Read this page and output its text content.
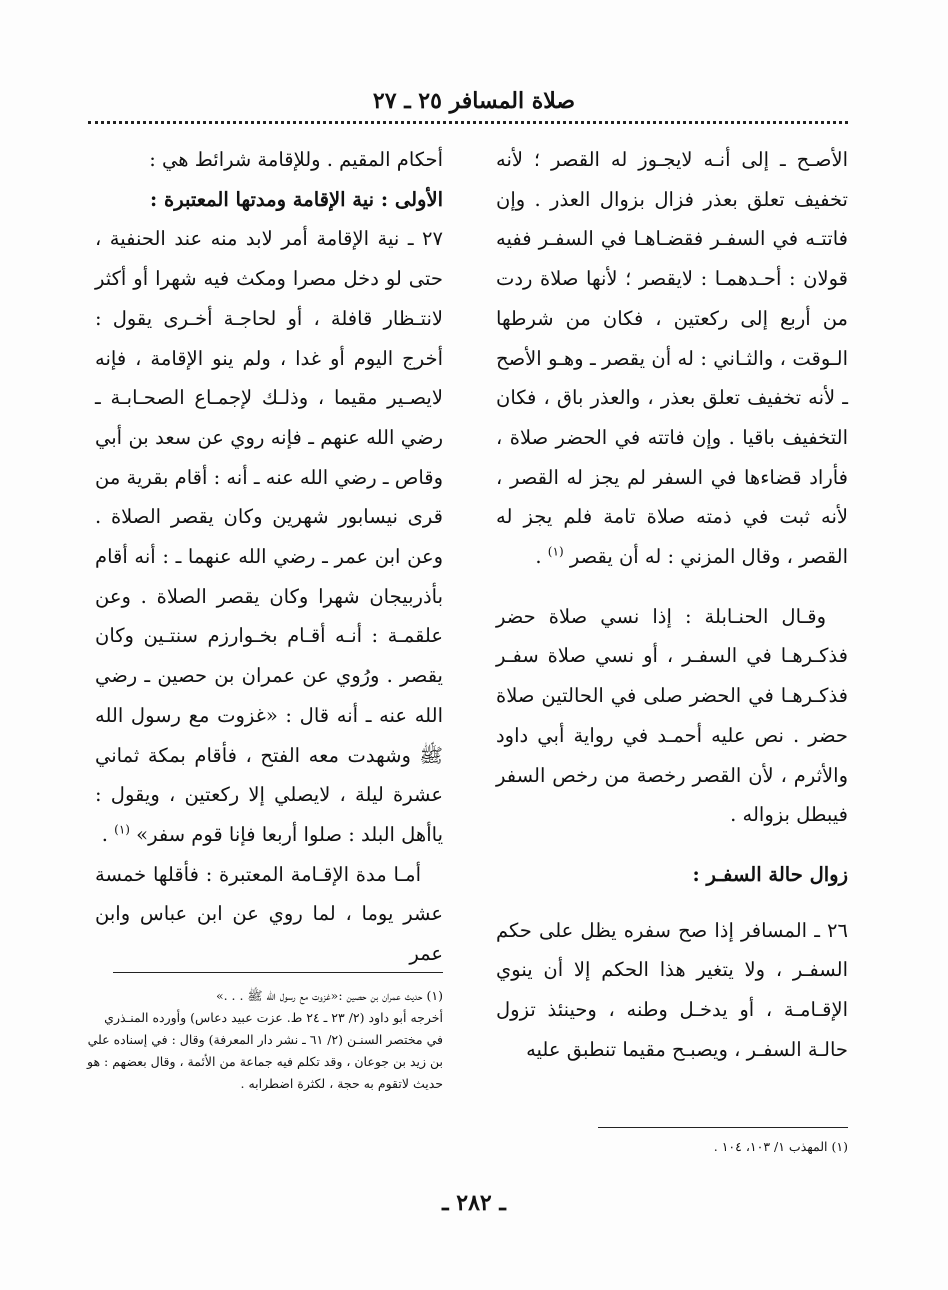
صلاة المسافر ٢٥ ـ ٢٧

الأصـح ـ إلى أنـه لايجـوز له القصر ؛ لأنه تخفيف تعلق بعذر فزال بزوال العذر . وإن فاتتـه في السفـر فقضـاهـا في السفـر ففيه قولان : أحـدهمـا : لايقصر ؛ لأنها صلاة ردت من أربع إلى ركعتين ، فكان من شرطها الـوقت ، والثـاني : له أن يقصر ـ وهـو الأصح ـ لأنه تخفيف تعلق بعذر ، والعذر باق ، فكان التخفيف باقيا . وإن فاتته في الحضر صلاة ، فأراد قضاءها في السفر لم يجز له القصر ، لأنه ثبت في ذمته صلاة تامة فلم يجز له القصر ، وقال المزني : له أن يقصر $^{(١)}$ .

وقـال الحنـابلة : إذا نسي صلاة حضر فذكـرهـا في السفـر ، أو نسي صلاة سفـر فذكـرهـا في الحضر صلى في الحالتين صلاة حضر . نص عليه أحمـد في رواية أبي داود والأثرم ، لأن القصر رخصة من رخص السفر فيبطل بزواله .

زوال حالة السفـر :

٢٦ ـ المسافر إذا صح سفره يظل على حكم السفـر ، ولا يتغير هذا الحكم إلا أن ينوي الإقـامـة ، أو يدخـل وطنه ، وحينئذ تزول حالـة السفـر ، ويصبـح مقيما تنطبق عليه

أحكام المقيم . وللإقامة شرائط هي :

الأولى : نية الإقامة ومدتها المعتبرة :

٢٧ ـ نية الإقامة أمر لابد منه عند الحنفية ، حتى لو دخل مصرا ومكث فيه شهرا أو أكثر لانتـظار قافلة ، أو لحاجـة أخـرى يقول : أخرج اليوم أو غدا ، ولم ينو الإقامة ، فإنه لايصـير مقيما ، وذلـك لإجمـاع الصحـابـة ـ رضي الله عنهم ـ فإنه روي عن سعد بن أبي وقاص ـ رضي الله عنه ـ أنه : أقام بقرية من قرى نيسابور شهرين وكان يقصر الصلاة . وعن ابن عمر ـ رضي الله عنهما ـ : أنه أقام بأذربيجان شهرا وكان يقصر الصلاة . وعن علقمـة : أنـه أقـام بخـوارزم سنتـين وكان يقصر . ورُوي عن عمران بن حصين ـ رضي الله عنه ـ أنه قال : «غزوت مع رسول الله ﷺ وشهدت معه الفتح ، فأقام بمكة ثماني عشرة ليلة ، لايصلي إلا ركعتين ، ويقول : ياأهل البلد : صلوا أربعا فإنا قوم سفر» $^{(١)}$ .

أمـا مدة الإقـامة المعتبرة : فأقلها خمسة عشر يوما ، لما روي عن ابن عباس وابن عمر

(١) حديث عمران بن حصين :«غزوت مع رسول الله ﷺ . . .»

أخرجه أبو داود (٢/ ٢٣ ـ ٢٤ ط. عزت عبيد دعاس) وأورده المنـذري في مختصر السنـن (٢/ ٦١ ـ نشر دار المعرفة) وقال : في إسناده علي بن زيد بن جوعان ، وقد تكلم فيه جماعة من الأئمة ، وقال بعضهم : هو حديث لاتقوم به حجة ، لكثرة اضطرابه .

(١) المهذب ١/ ١٠٣، ١٠٤ .

ـ ٢٨٢ ـ
